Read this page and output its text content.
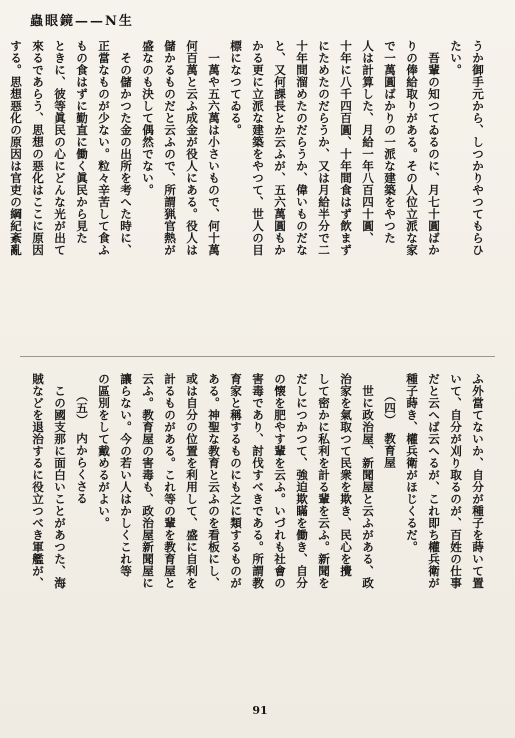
蟲眼鏡——N生

うか御手元から、しつかりやつてもらひ

たい。

吾輩の知つてゐるのに、月七十圓ばか

りの俸給取りがある。その人位立派な家

で一萬圓ばかりの一派な建築をやつた

人は計算した、月給一年八百四十圓、

十年に八千四百圓、十年間食はず飲まず

にためたのだらうか、又は月給半分で二

十年間溜めたのだらうか、偉いものだな

と、又何課長とか云ふが、五六萬圓もか

かる更に立派な建築をやつて、世人の目

標になつてゐる。

一萬や五六萬は小さいもので、何十萬

何百萬と云ふ成金が役人にある。役人は

儲かるものだと云ふので、所謂猟官熱が

盛なのも決して偶然でない。

その儲かつた金の出所を考へた時に、

正當なものが少ない。粒々辛苦して食ふ

もの食はずに勤直に働く眞民から見た

ときに、彼等眞民の心にどんな光が出て

來るであらう、思想の惡化はここに原因

する。思想惡化の原因は官吏の綱紀紊亂

ふ外當てないか、自分が種子を蒔いて置

いて、自分が刈り取るのが、百姓の仕事

だと云へば云へるが、これ即ち權兵衛が

種子蒔き、權兵衛がほじくるだ。

（四）　教育屋

世に政治屋、新聞屋と云ふがある、政

治家を氣取つて民衆を欺き、民心を攪

して密かに私利を計る輩を云ふ。新聞を

だしにつかつて、強迫欺瞞を働き、自分

の懐を肥やす輩を云ふ。いづれも社會の

害毒であり、討伐すべきである。所謂教

育家と稱するものにも之に類するものが

ある。神聖な教育と云ふのを看板にし、

或は自分の位置を利用して、盛に自利を

計るものがある。これ等の輩を教育屋と

云ふ。教育屋の害毒も、政治屋新聞屋に

讓らない。今の若い人はかしくこれ等

の區別をして戴めるがよい。

（五）　内からくさる

この國支那に面白いことがあつた、海

賊などを退治するに役立つべき軍艦が、

91
